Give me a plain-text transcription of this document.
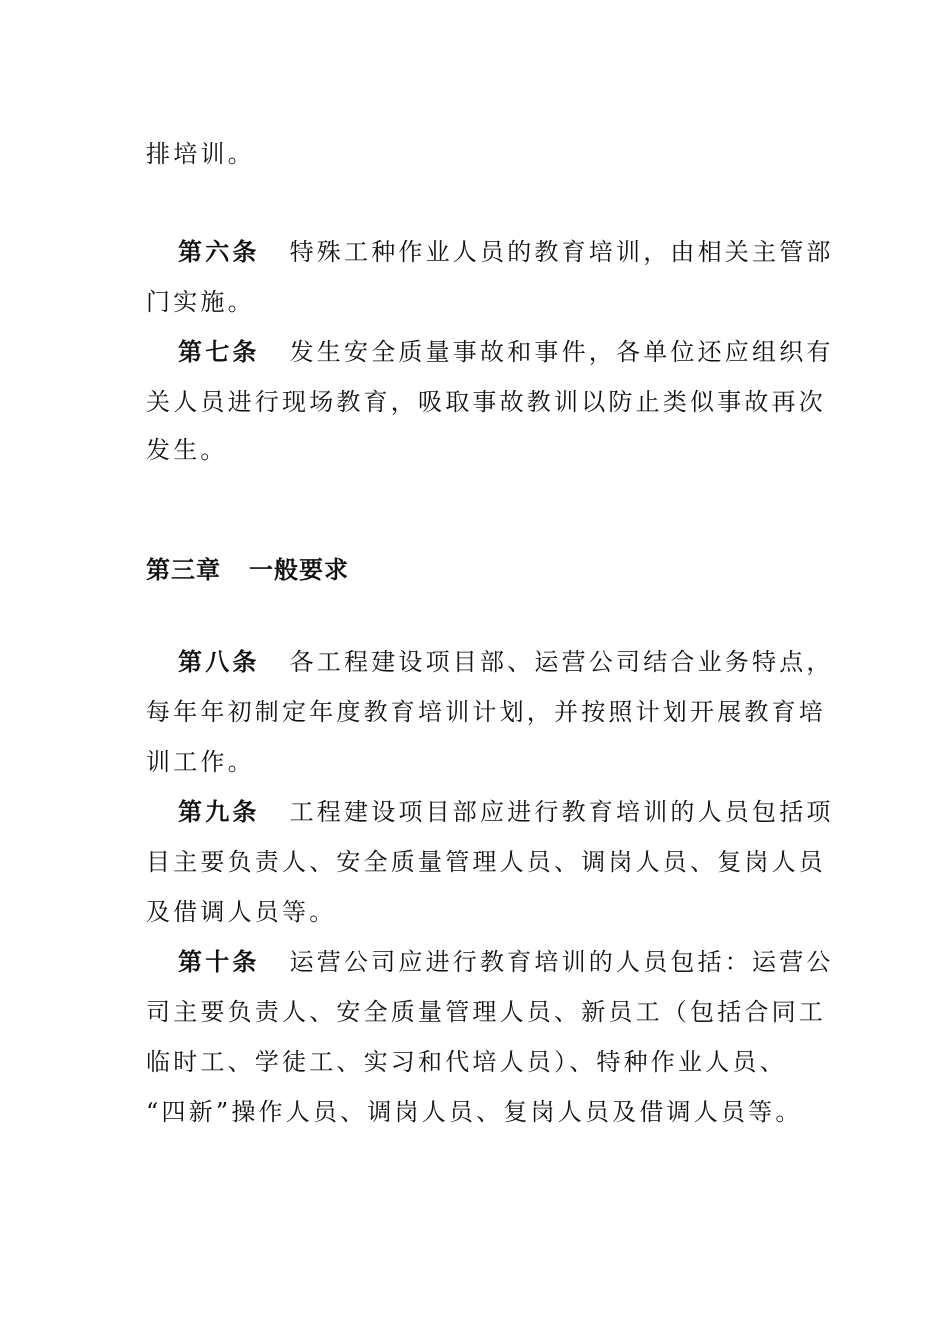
排培训。
第六条 特殊工种作业人员的教育培训，由相关主管部
门实施。
第七条 发生安全质量事故和事件，各单位还应组织有
关人员进行现场教育，吸取事故教训以防止类似事故再次
发生。
第三章 一般要求
第八条 各工程建设项目部、运营公司结合业务特点，
每年年初制定年度教育培训计划，并按照计划开展教育培
训工作。
第九条 工程建设项目部应进行教育培训的人员包括项
目主要负责人、安全质量管理人员、调岗人员、复岗人员
及借调人员等。
第十条 运营公司应进行教育培训的人员包括：运营公
司主要负责人、安全质量管理人员、新员工（包括合同工
临时工、学徒工、实习和代培人员）、特种作业人员、
“四新”操作人员、调岗人员、复岗人员及借调人员等。
